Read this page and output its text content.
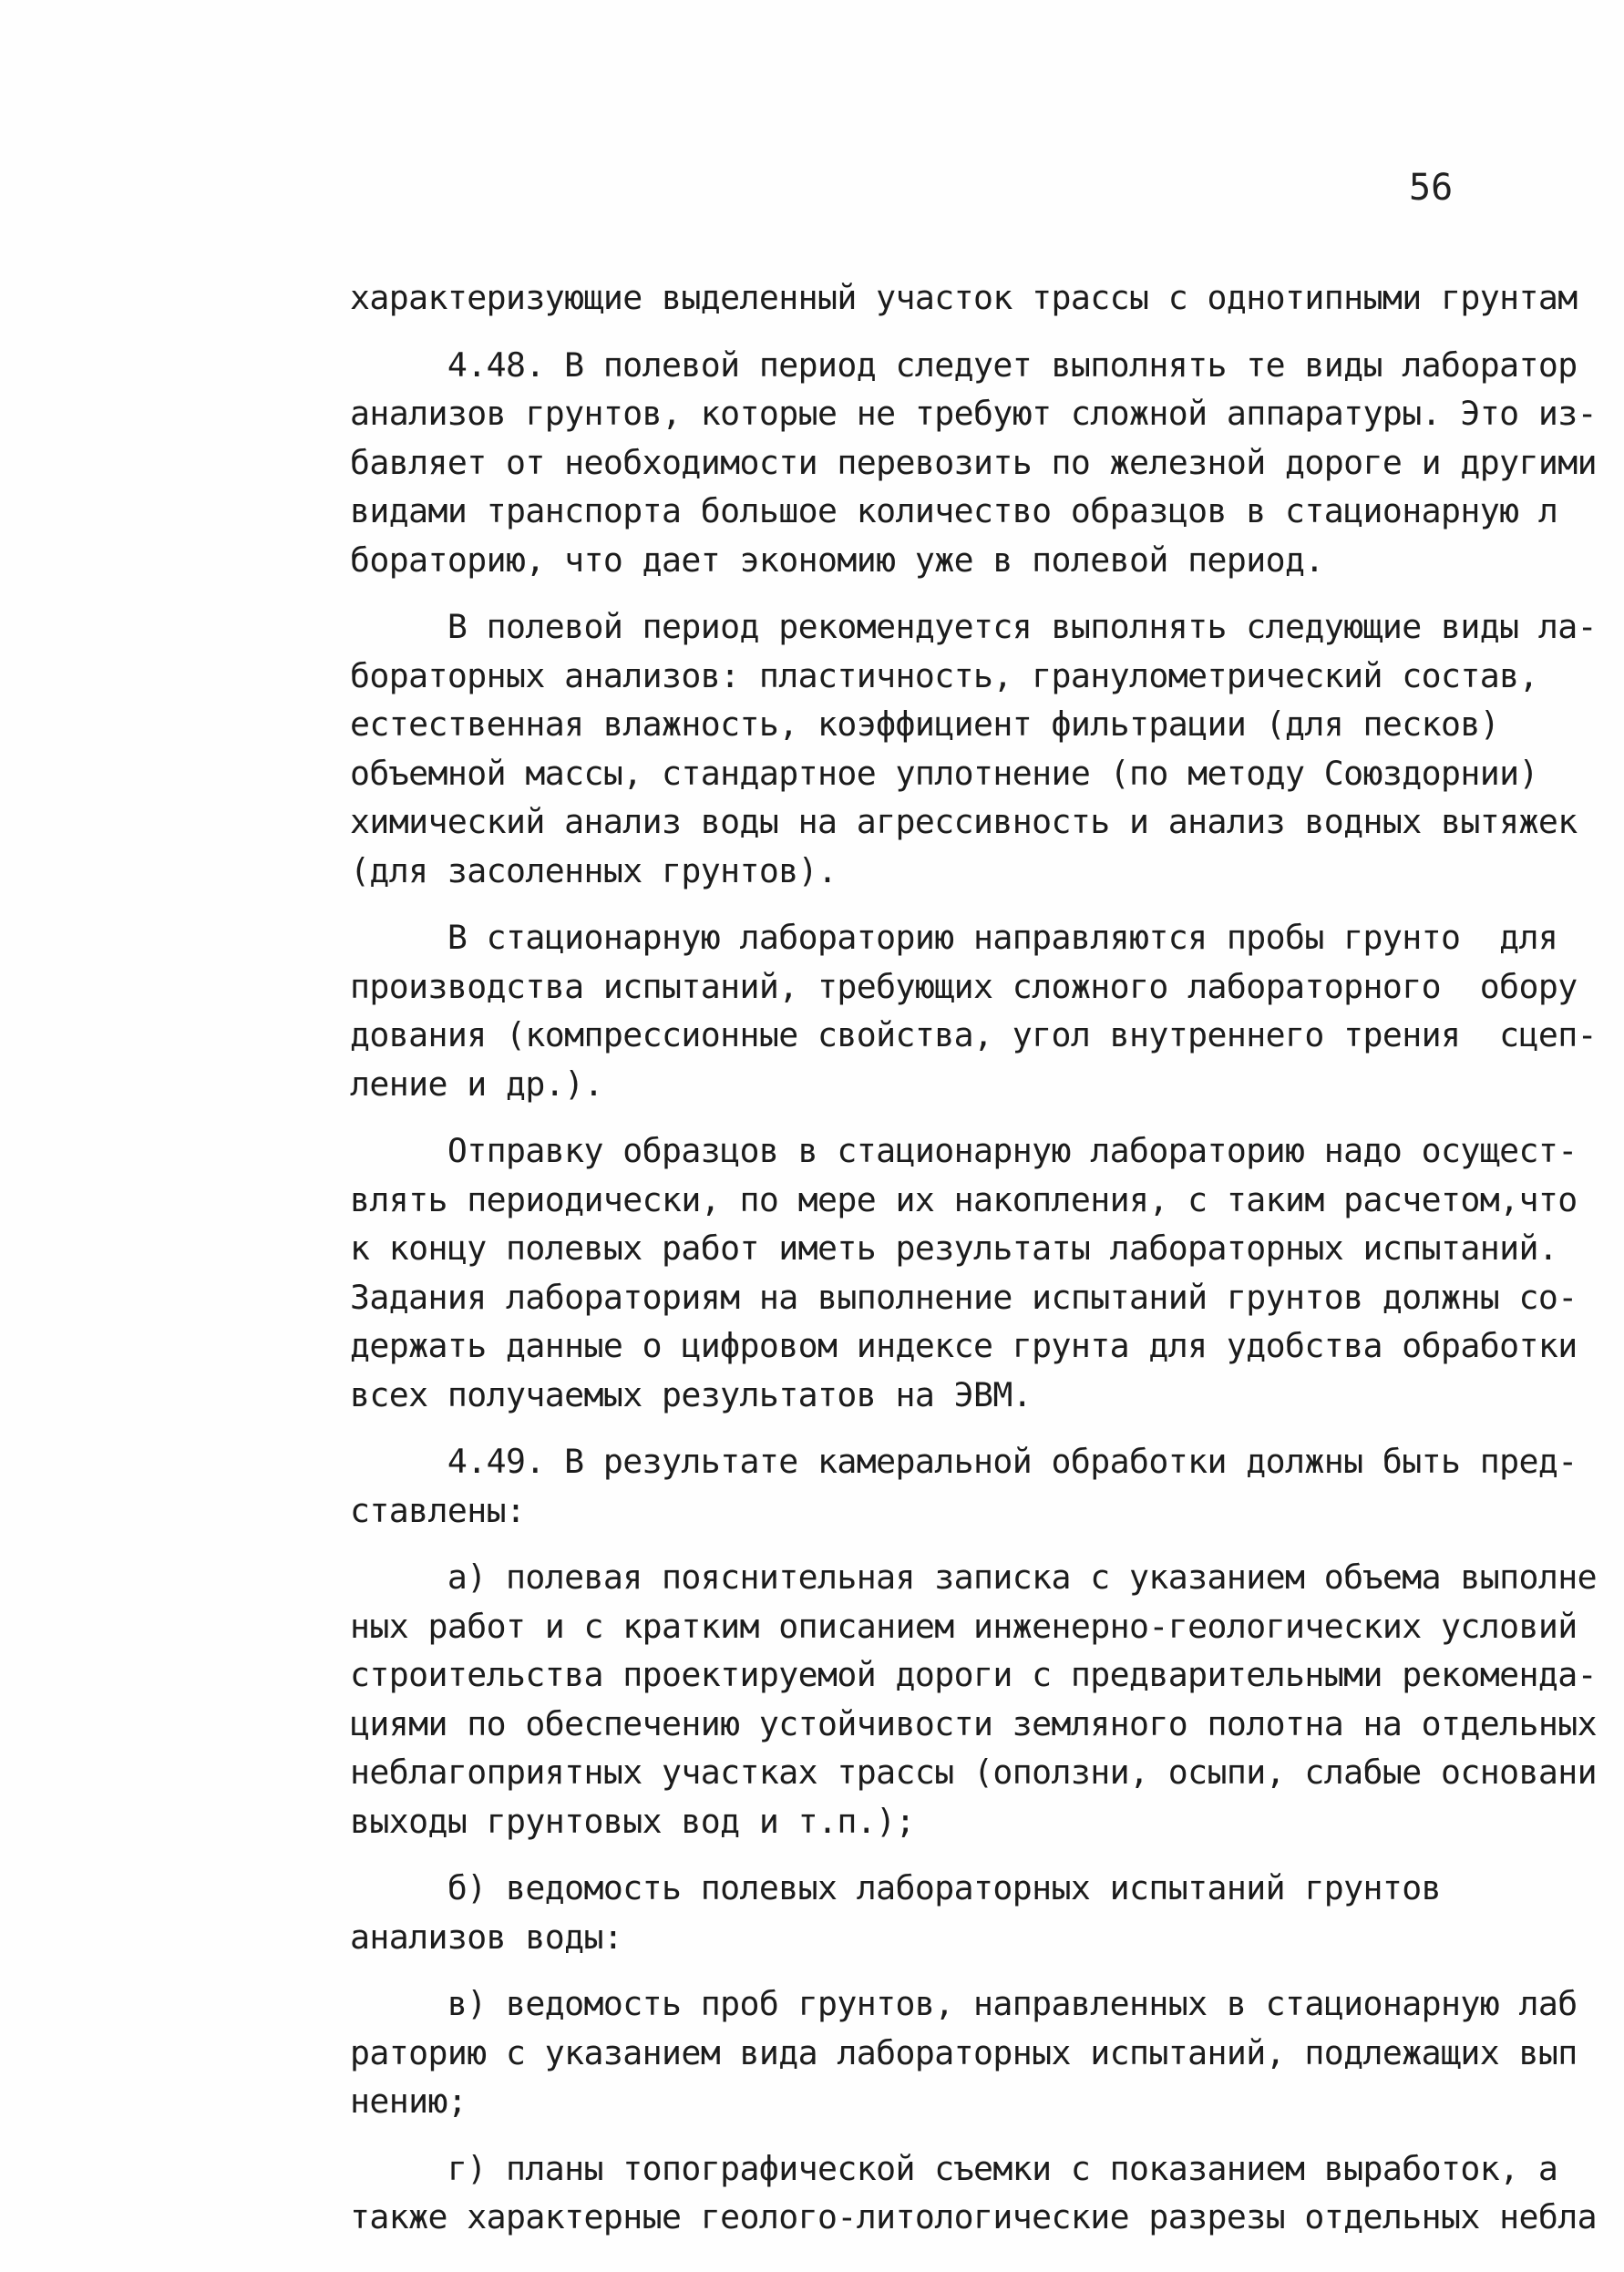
56
характеризующие выделенный участок трассы с однотипными грунтам
4.48. В полевой период следует выполнять те виды лаборатор
анализов грунтов, которые не требуют сложной аппаратуры. Это из-
бавляет от необходимости перевозить по железной дороге и другими
видами транспорта большое количество образцов в стационарную л
бораторию, что дает экономию уже в полевой период.
В полевой период рекомендуется выполнять следующие виды ла-
бораторных анализов: пластичность, гранулометрический состав,
естественная влажность, коэффициент фильтрации (для песков)
объемной массы, стандартное уплотнение (по методу Союздорнии)
химический анализ воды на агрессивность и анализ водных вытяжек
(для засоленных грунтов).
В стационарную лабораторию направляются пробы грунто  для
производства испытаний, требующих сложного лабораторного  обору
дования (компрессионные свойства, угол внутреннего трения  сцеп-
ление и др.).
Отправку образцов в стационарную лабораторию надо осущест-
влять периодически, по мере их накопления, с таким расчетом,что
к концу полевых работ иметь результаты лабораторных испытаний.
Задания лабораториям на выполнение испытаний грунтов должны со-
держать данные о цифровом индексе грунта для удобства обработки
всех получаемых результатов на ЭВМ.
4.49. В результате камеральной обработки должны быть пред-
ставлены:
а) полевая пояснительная записка с указанием объема выполне
ных работ и с кратким описанием инженерно-геологических условий
строительства проектируемой дороги с предварительными рекоменда-
циями по обеспечению устойчивости земляного полотна на отдельных
неблагоприятных участках трассы (оползни, осыпи, слабые основани
выходы грунтовых вод и т.п.);
б) ведомость полевых лабораторных испытаний грунтов
анализов воды:
в) ведомость проб грунтов, направленных в стационарную лаб
раторию с указанием вида лабораторных испытаний, подлежащих вып
нению;
г) планы топографической съемки с показанием выработок, а
также характерные геолого-литологические разрезы отдельных небла
